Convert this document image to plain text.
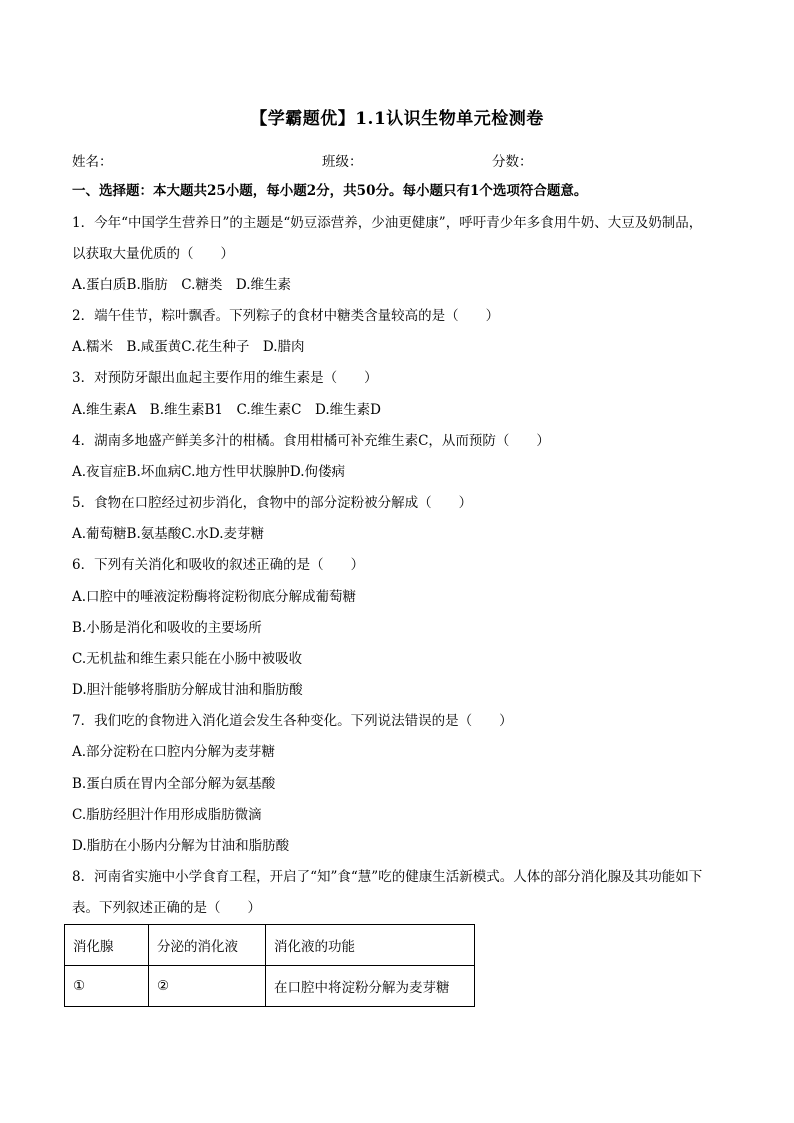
【学霸题优】1.1认识生物单元检测卷
姓名：	班级：	分数：
一、选择题：本大题共25小题，每小题2分，共50分。每小题只有1个选项符合题意。
1．今年“中国学生营养日”的主题是“奶豆添营养，少油更健康”，呼吁青少年多食用牛奶、大豆及奶制品，
以获取大量优质的（　　）
A.蛋白质B.脂肪　C.糖类　D.维生素
2．端午佳节，粽叶飘香。下列粽子的食材中糖类含量较高的是（　　）
A.糯米　B.咸蛋黄C.花生种子　D.腊肉
3．对预防牙龈出血起主要作用的维生素是（　　）
A.维生素A　B.维生素B1　C.维生素C　D.维生素D
4．湖南多地盛产鲜美多汁的柑橘。食用柑橘可补充维生素C，从而预防（　　）
A.夜盲症B.坏血病C.地方性甲状腺肿D.佝偻病
5．食物在口腔经过初步消化，食物中的部分淀粉被分解成（　　）
A.葡萄糖B.氨基酸C.水D.麦芽糖
6．下列有关消化和吸收的叙述正确的是（　　）
A.口腔中的唾液淀粉酶将淀粉彻底分解成葡萄糖
B.小肠是消化和吸收的主要场所
C.无机盐和维生素只能在小肠中被吸收
D.胆汁能够将脂肪分解成甘油和脂肪酸
7．我们吃的食物进入消化道会发生各种变化。下列说法错误的是（　　）
A.部分淀粉在口腔内分解为麦芽糖
B.蛋白质在胃内全部分解为氨基酸
C.脂肪经胆汁作用形成脂肪微滴
D.脂肪在小肠内分解为甘油和脂肪酸
8．河南省实施中小学食育工程，开启了“知”食“慧”吃的健康生活新模式。人体的部分消化腺及其功能如下
表。下列叙述正确的是（　　）
消化腺	分泌的消化液	消化液的功能
①	②	在口腔中将淀粉分解为麦芽糖
